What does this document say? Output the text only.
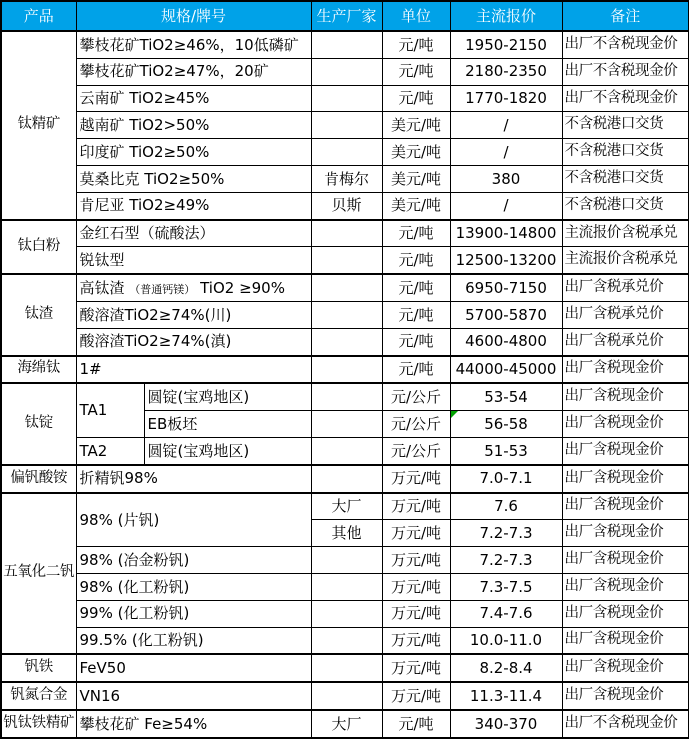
产品	规格/牌号		生产厂家	单位	主流报价	备注
钛精矿	攀枝花矿TiO2≥46%，10低磷矿			元/吨	1950-2150	出厂不含税现金价
	攀枝花矿TiO2≥47%，20矿			元/吨	2180-2350	出厂不含税现金价
	云南矿 TiO2≥45%			元/吨	1770-1820	出厂不含税现金价
	越南矿 TiO2>50%			美元/吨	/	不含税港口交货
	印度矿 TiO2≥50%			美元/吨	/	不含税港口交货
	莫桑比克 TiO2≥50%		肯梅尔	美元/吨	380	不含税港口交货
	肯尼亚 TiO2≥49%		贝斯	美元/吨	/	不含税港口交货
钛白粉	金红石型（硫酸法）			元/吨	13900-14800	主流报价含税承兑
	锐钛型			元/吨	12500-13200	主流报价含税承兑
钛渣	高钛渣 （普通钙镁） TiO2 ≥90%			元/吨	6950-7150	出厂含税承兑价
	酸溶渣TiO2≥74%(川)			元/吨	5700-5870	出厂含税承兑价
	酸溶渣TiO2≥74%(滇)			元/吨	4600-4800	出厂含税承兑价
海绵钛	1#			元/吨	44000-45000	出厂含税现金价
钛锭	TA1	圆锭(宝鸡地区)		元/公斤	53-54	出厂含税现金价
		EB板坯		元/公斤	56-58	出厂含税现金价
	TA2	圆锭(宝鸡地区)		元/公斤	51-53	出厂含税现金价
偏钒酸铵	折精钒98%			万元/吨	7.0-7.1	出厂含税现金价
五氧化二钒	98% (片钒)		大厂	万元/吨	7.6	出厂含税现金价
			其他	万元/吨	7.2-7.3	出厂含税现金价
	98% (冶金粉钒)			万元/吨	7.2-7.3	出厂含税现金价
	98% (化工粉钒)			万元/吨	7.3-7.5	出厂含税现金价
	99% (化工粉钒)			万元/吨	7.4-7.6	出厂含税现金价
	99.5% (化工粉钒)			万元/吨	10.0-11.0	出厂含税现金价
钒铁	FeV50			万元/吨	8.2-8.4	出厂含税现金价
钒氮合金	VN16			万元/吨	11.3-11.4	出厂含税现金价
钒钛铁精矿	攀枝花矿 Fe≥54%		大厂	元/吨	340-370	出厂不含税现金价
